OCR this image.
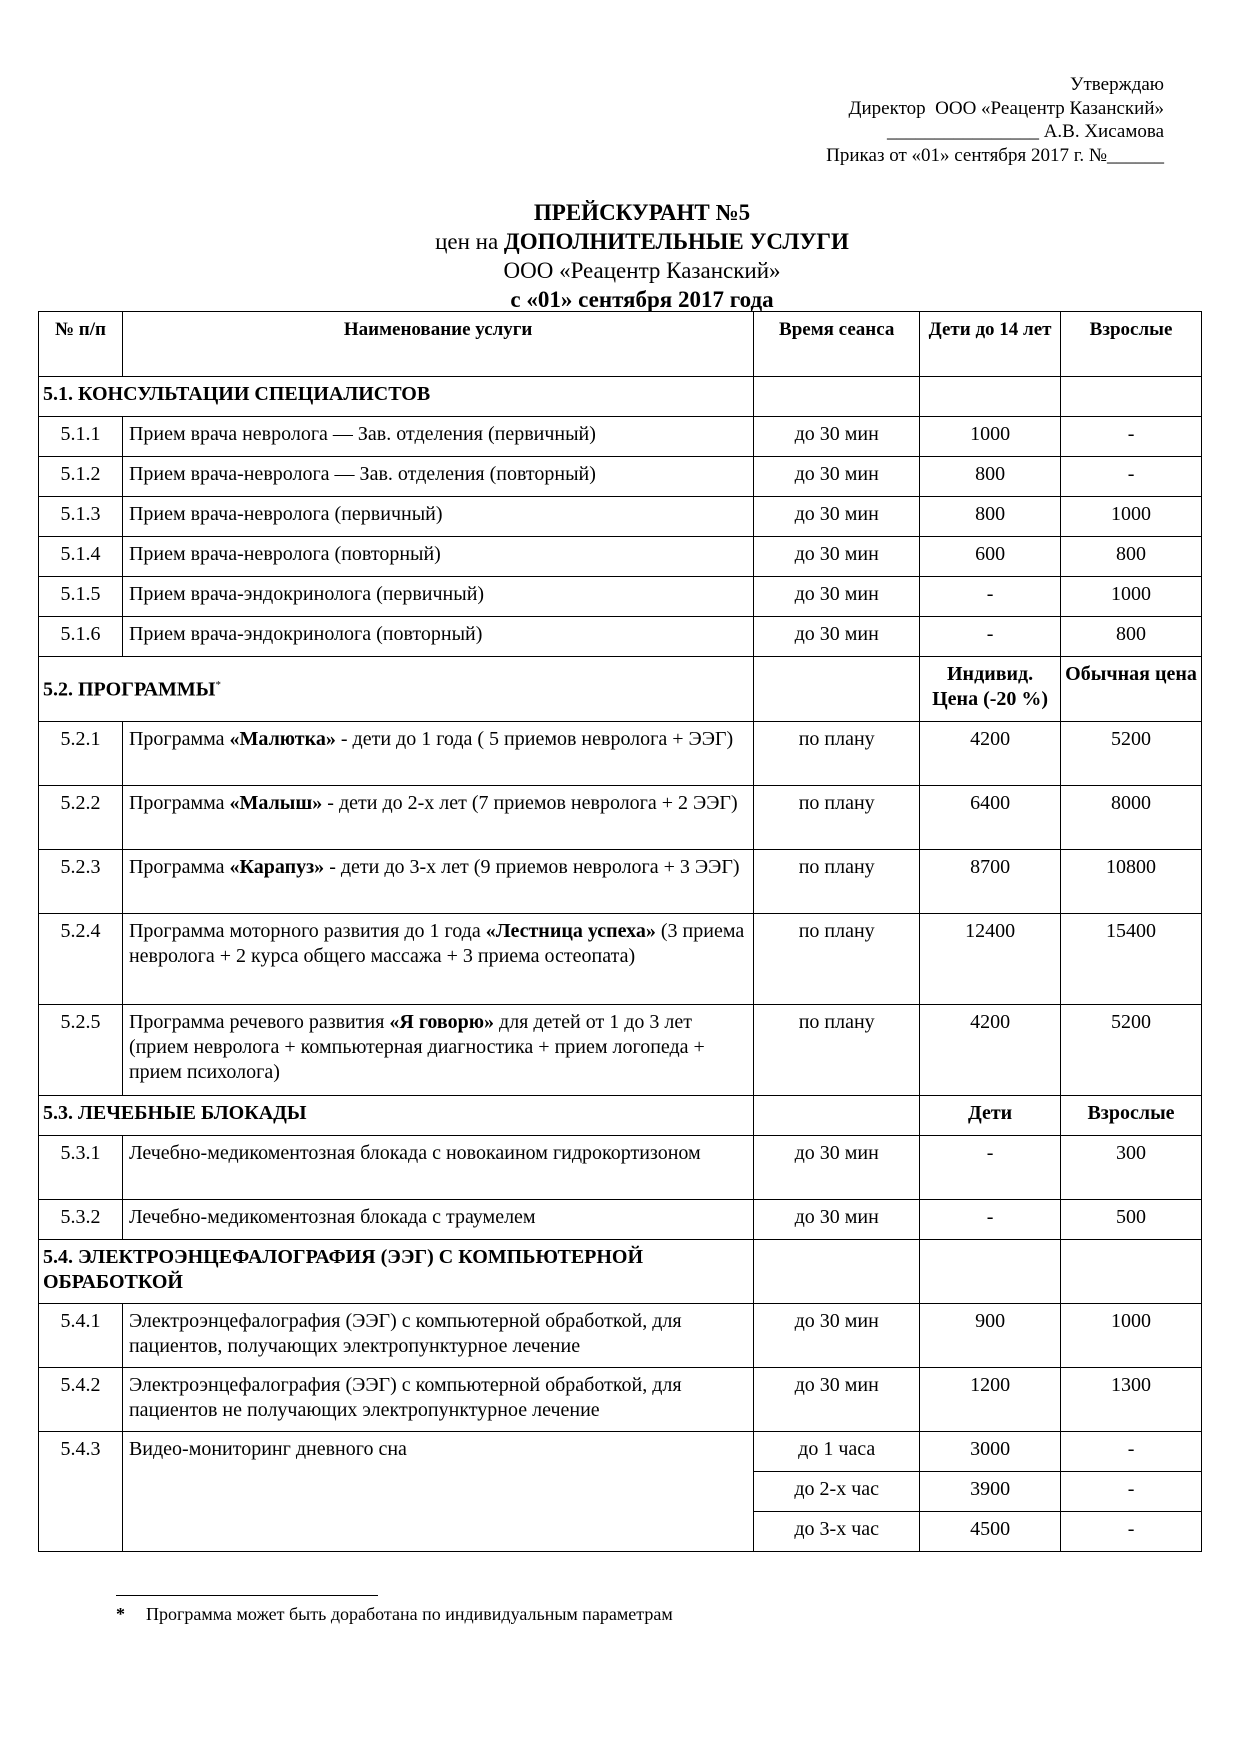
Утверждаю
Директор  ООО «Реацентр Казанский»
________________ А.В. Хисамова
Приказ от «01» сентября 2017 г. №______
ПРЕЙСКУРАНТ №5
цен на ДОПОЛНИТЕЛЬНЫЕ УСЛУГИ
ООО «Реацентр Казанский»
с «01» сентября 2017 года
№ п/п	Наименование услуги	Время сеанса	Дети до 14 лет	Взрослые
5.1. КОНСУЛЬТАЦИИ СПЕЦИАЛИСТОВ				
5.1.1	Прием врача невролога — Зав. отделения (первичный)	до 30 мин	1000	-
5.1.2	Прием врача-невролога — Зав. отделения (повторный)	до 30 мин	800	-
5.1.3	Прием врача-невролога (первичный)	до 30 мин	800	1000
5.1.4	Прием врача-невролога (повторный)	до 30 мин	600	800
5.1.5	Прием врача-эндокринолога (первичный)	до 30 мин	-	1000
5.1.6	Прием врача-эндокринолога (повторный)	до 30 мин	-	800
5.2. ПРОГРАММЫ*			Индивид. Цена (-20 %)	Обычная цена
5.2.1	Программа «Малютка» - дети до 1 года ( 5 приемов невролога + ЭЭГ)	по плану	4200	5200
5.2.2	Программа «Малыш» - дети до 2-х лет (7 приемов невролога + 2 ЭЭГ)	по плану	6400	8000
5.2.3	Программа «Карапуз» - дети до 3-х лет (9 приемов невролога + 3 ЭЭГ)	по плану	8700	10800
5.2.4	Программа моторного развития до 1 года «Лестница успеха» (3 приема невролога + 2 курса общего массажа + 3 приема остеопата)	по плану	12400	15400
5.2.5	Программа речевого развития «Я говорю» для детей от 1 до 3 лет (прием невролога + компьютерная диагностика + прием логопеда + прием психолога)	по плану	4200	5200
5.3. ЛЕЧЕБНЫЕ БЛОКАДЫ			Дети	Взрослые
5.3.1	Лечебно-медикоментозная блокада с новокаином гидрокортизоном	до 30 мин	-	300
5.3.2	Лечебно-медикоментозная блокада с траумелем	до 30 мин	-	500
5.4. ЭЛЕКТРОЭНЦЕФАЛОГРАФИЯ (ЭЭГ) С КОМПЬЮТЕРНОЙ ОБРАБОТКОЙ				
5.4.1	Электроэнцефалография (ЭЭГ) с компьютерной обработкой, для пациентов, получающих электропунктурное лечение	до 30 мин	900	1000
5.4.2	Электроэнцефалография (ЭЭГ) с компьютерной обработкой, для пациентов не получающих электропунктурное лечение	до 30 мин	1200	1300
5.4.3	Видео-мониторинг дневного сна	до 1 часа	3000	-
		до 2-х час	3900	-
		до 3-х час	4500	-
* Программа может быть доработана по индивидуальным параметрам
